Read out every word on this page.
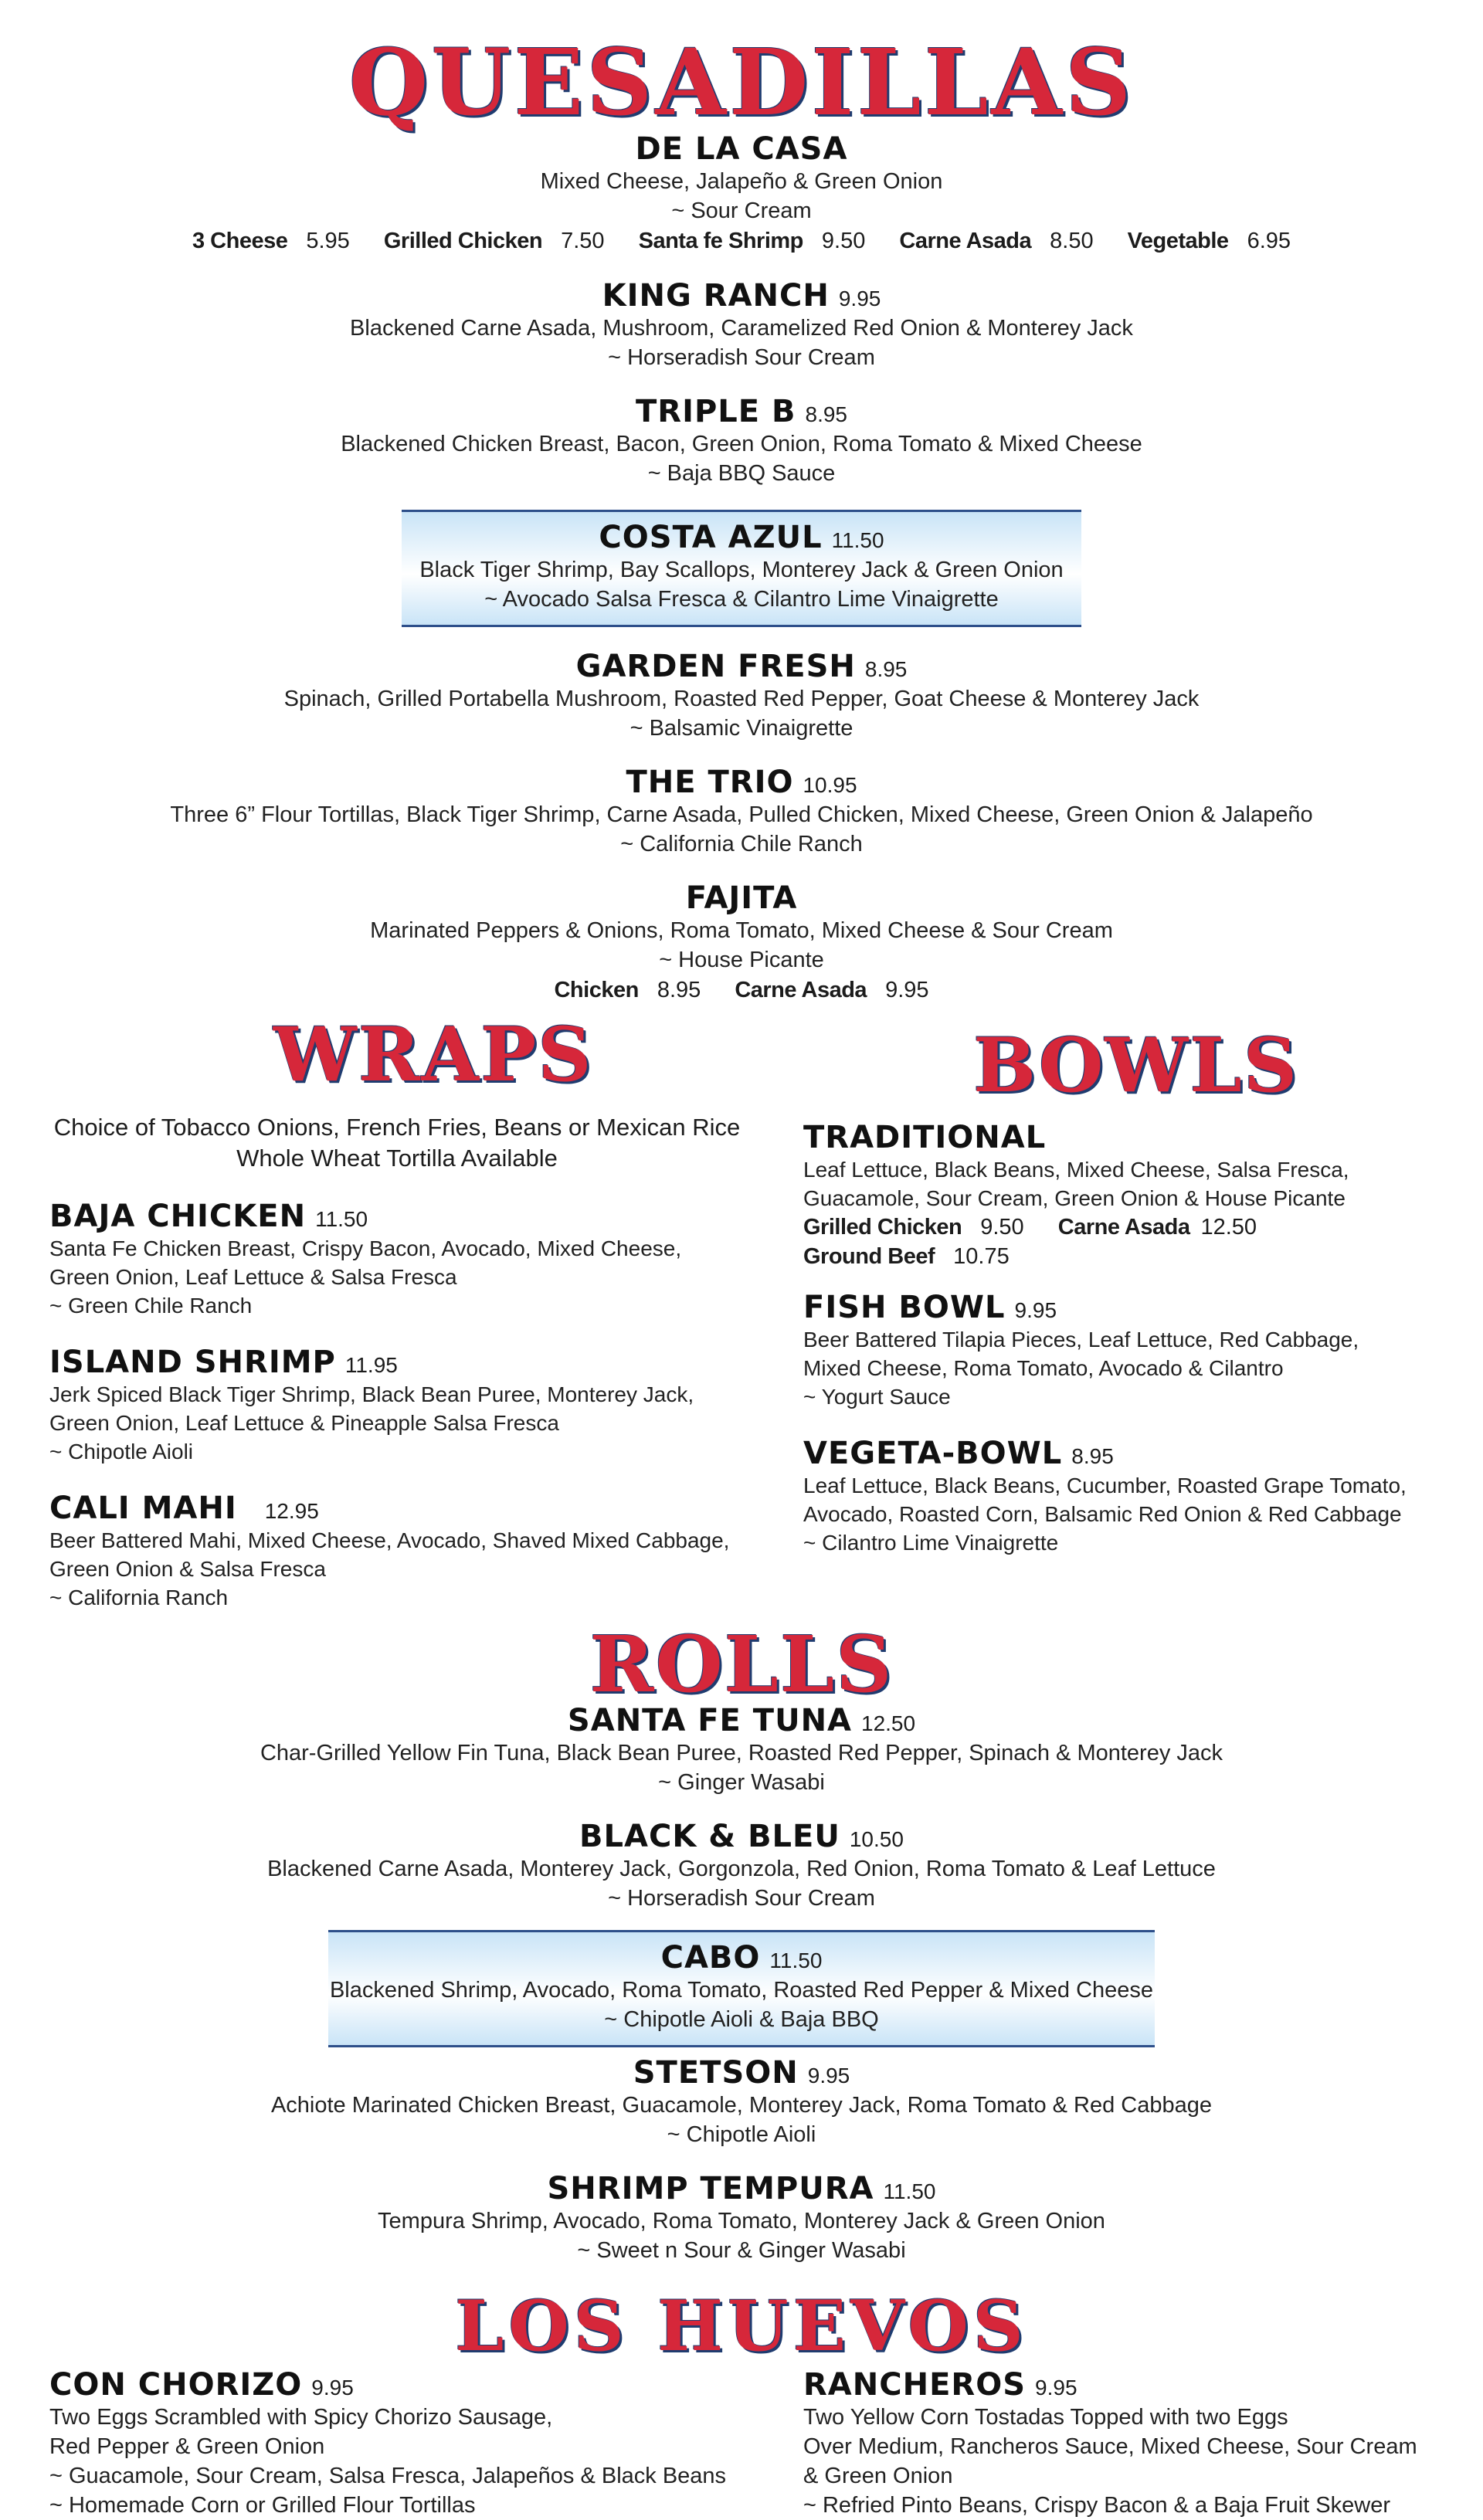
QUESADILLAS
DE LA CASA
Mixed Cheese, Jalapeño & Green Onion
~ Sour Cream
3 Cheese 5.95 Grilled Chicken 7.50 Santa fe Shrimp 9.50 Carne Asada 8.50 Vegetable 6.95
KING RANCH 9.95
Blackened Carne Asada, Mushroom, Caramelized Red Onion & Monterey Jack
~ Horseradish Sour Cream
TRIPLE B 8.95
Blackened Chicken Breast, Bacon, Green Onion, Roma Tomato & Mixed Cheese
~ Baja BBQ Sauce
COSTA AZUL 11.50
Black Tiger Shrimp, Bay Scallops, Monterey Jack & Green Onion
~ Avocado Salsa Fresca & Cilantro Lime Vinaigrette
GARDEN FRESH 8.95
Spinach, Grilled Portabella Mushroom, Roasted Red Pepper, Goat Cheese & Monterey Jack
~ Balsamic Vinaigrette
THE TRIO 10.95
Three 6” Flour Tortillas, Black Tiger Shrimp, Carne Asada, Pulled Chicken, Mixed Cheese, Green Onion & Jalapeño
~ California Chile Ranch
FAJITA
Marinated Peppers & Onions, Roma Tomato, Mixed Cheese & Sour Cream
~ House Picante
Chicken 8.95 Carne Asada 9.95
WRAPS
Choice of Tobacco Onions, French Fries, Beans or Mexican Rice
Whole Wheat Tortilla Available
BAJA CHICKEN 11.50
Santa Fe Chicken Breast, Crispy Bacon, Avocado, Mixed Cheese,
Green Onion, Leaf Lettuce & Salsa Fresca
~ Green Chile Ranch
ISLAND SHRIMP 11.95
Jerk Spiced Black Tiger Shrimp, Black Bean Puree, Monterey Jack,
Green Onion, Leaf Lettuce & Pineapple Salsa Fresca
~ Chipotle Aioli
CALI MAHI 12.95
Beer Battered Mahi, Mixed Cheese, Avocado, Shaved Mixed Cabbage,
Green Onion & Salsa Fresca
~ California Ranch
BOWLS
TRADITIONAL
Leaf Lettuce, Black Beans, Mixed Cheese, Salsa Fresca,
Guacamole, Sour Cream, Green Onion & House Picante
Grilled Chicken 9.50 Carne Asada 12.50
Ground Beef 10.75
FISH BOWL 9.95
Beer Battered Tilapia Pieces, Leaf Lettuce, Red Cabbage,
Mixed Cheese, Roma Tomato, Avocado & Cilantro
~ Yogurt Sauce
VEGETA-BOWL 8.95
Leaf Lettuce, Black Beans, Cucumber, Roasted Grape Tomato,
Avocado, Roasted Corn, Balsamic Red Onion & Red Cabbage
~ Cilantro Lime Vinaigrette
ROLLS
SANTA FE TUNA 12.50
Char-Grilled Yellow Fin Tuna, Black Bean Puree, Roasted Red Pepper, Spinach & Monterey Jack
~ Ginger Wasabi
BLACK & BLEU 10.50
Blackened Carne Asada, Monterey Jack, Gorgonzola, Red Onion, Roma Tomato & Leaf Lettuce
~ Horseradish Sour Cream
CABO 11.50
Blackened Shrimp, Avocado, Roma Tomato, Roasted Red Pepper & Mixed Cheese
~ Chipotle Aioli & Baja BBQ
STETSON 9.95
Achiote Marinated Chicken Breast, Guacamole, Monterey Jack, Roma Tomato & Red Cabbage
~ Chipotle Aioli
SHRIMP TEMPURA 11.50
Tempura Shrimp, Avocado, Roma Tomato, Monterey Jack & Green Onion
~ Sweet n Sour & Ginger Wasabi
LOS HUEVOS
CON CHORIZO 9.95
Two Eggs Scrambled with Spicy Chorizo Sausage,
Red Pepper & Green Onion
~ Guacamole, Sour Cream, Salsa Fresca, Jalapeños & Black Beans
~ Homemade Corn or Grilled Flour Tortillas
RANCHEROS 9.95
Two Yellow Corn Tostadas Topped with two Eggs
Over Medium, Rancheros Sauce, Mixed Cheese, Sour Cream
& Green Onion
~ Refried Pinto Beans, Crispy Bacon & a Baja Fruit Skewer
